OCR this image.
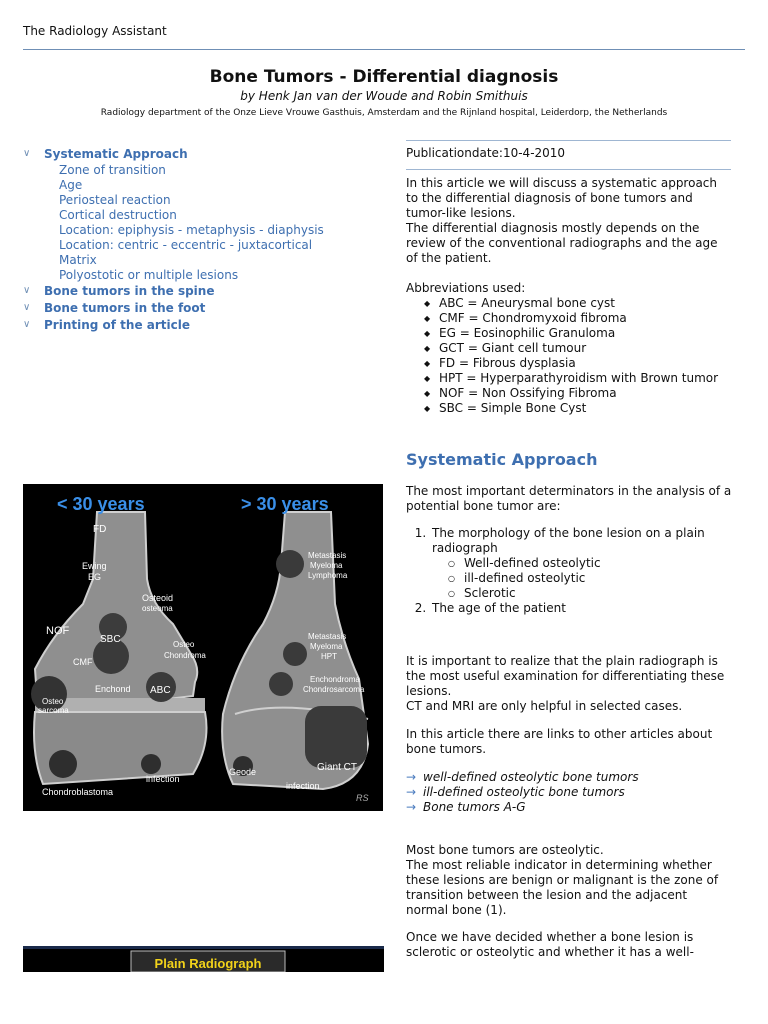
The Radiology Assistant
Bone Tumors - Differential diagnosis
by Henk Jan van der Woude and Robin Smithuis
Radiology department of the Onze Lieve Vrouwe Gasthuis, Amsterdam and the Rijnland hospital, Leiderdorp, the Netherlands
∨	Systematic Approach
Zone of transition
Age
Periosteal reaction
Cortical destruction
Location: epiphysis - metaphysis - diaphysis
Location: centric - eccentric - juxtacortical
Matrix
Polyostotic or multiple lesions
∨	Bone tumors in the spine
∨	Bone tumors in the foot
∨	Printing of the article
Publicationdate:10-4-2010

In this article we will discuss a systematic approach to the differential diagnosis of bone tumors and tumor-like lesions.

The differential diagnosis mostly depends on the review of the conventional radiographs and the age of the patient.

Abbreviations used:

◆ ABC = Aneurysmal bone cyst
◆ CMF = Chondromyxoid fibroma
◆ EG = Eosinophilic Granuloma
◆ GCT = Giant cell tumour
◆ FD = Fibrous dysplasia
◆ HPT = Hyperparathyroidism with Brown tumor
◆ NOF = Non Ossifying Fibroma
◆ SBC = Simple Bone Cyst
Systematic Approach

The most important determinators in the analysis of a potential bone tumor are:

1. The morphology of the bone lesion on a plain radiograph
○ Well-defined osteolytic
○ ill-defined osteolytic
○ Sclerotic
2. The age of the patient

It is important to realize that the plain radiograph is the most useful examination for differentiating these lesions.

CT and MRI are only helpful in selected cases.

In this article there are links to other articles about bone tumors.

→ well-defined osteolytic bone tumors
→ ill-defined osteolytic bone tumors
→ Bone tumors A-G

Most bone tumors are osteolytic.

The most reliable indicator in determining whether these lesions are benign or malignant is the zone of transition between the lesion and the adjacent normal bone (1).

Once we have decided whether a bone lesion is sclerotic or osteolytic and whether it has a well-

< 30 years	> 30 years
FD
Ewing
EG
Osteoid
osteoma
NOF
SBC	Osteo
Chondroma
CMF
Enchond ABC
Osteo
sarcoma
infection
Chondroblastoma
Metastasis
Myeloma
Lymphoma
Metastasis
Myeloma
HPT
Enchondroma
Chondrosarcoma
Geode	Giant CT
infection
RS
Plain Radiograph
